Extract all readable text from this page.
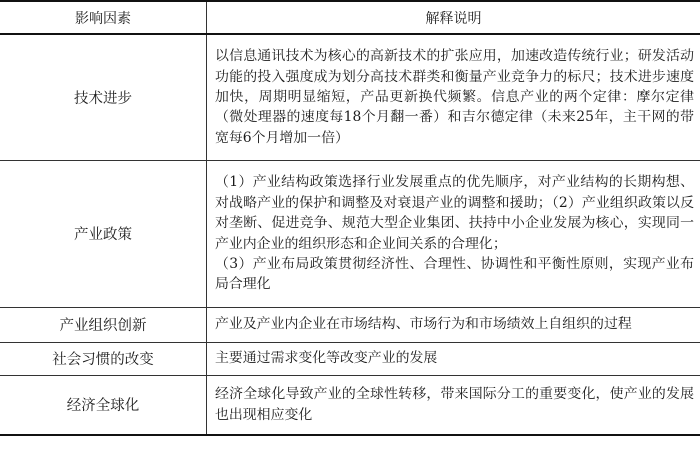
影响因素	解释说明
技术进步	以信息通讯技术为核心的高新技术的扩张应用，加速改造传统行业；研发活动功能的投入强度成为划分高技术群类和衡量产业竞争力的标尺；技术进步速度加快，周期明显缩短，产品更新换代频繁。信息产业的两个定律：摩尔定律（微处理器的速度每18个月翻一番）和吉尔德定律（未来25年，主干网的带宽每6个月增加一倍）

产业政策	（1）产业结构政策选择行业发展重点的优先顺序，对产业结构的长期构想、对战略产业的保护和调整及对衰退产业的调整和援助；（2）产业组织政策以反对垄断、促进竞争、规范大型企业集团、扶持中小企业发展为核心，实现同一产业内企业的组织形态和企业间关系的合理化；
（3）产业布局政策贯彻经济性、合理性、协调性和平衡性原则，实现产业布局合理化

产业组织创新	产业及产业内企业在市场结构、市场行为和市场绩效上自组织的过程

社会习惯的改变	主要通过需求变化等改变产业的发展

经济全球化	经济全球化导致产业的全球性转移，带来国际分工的重要变化，使产业的发展也出现相应变化
